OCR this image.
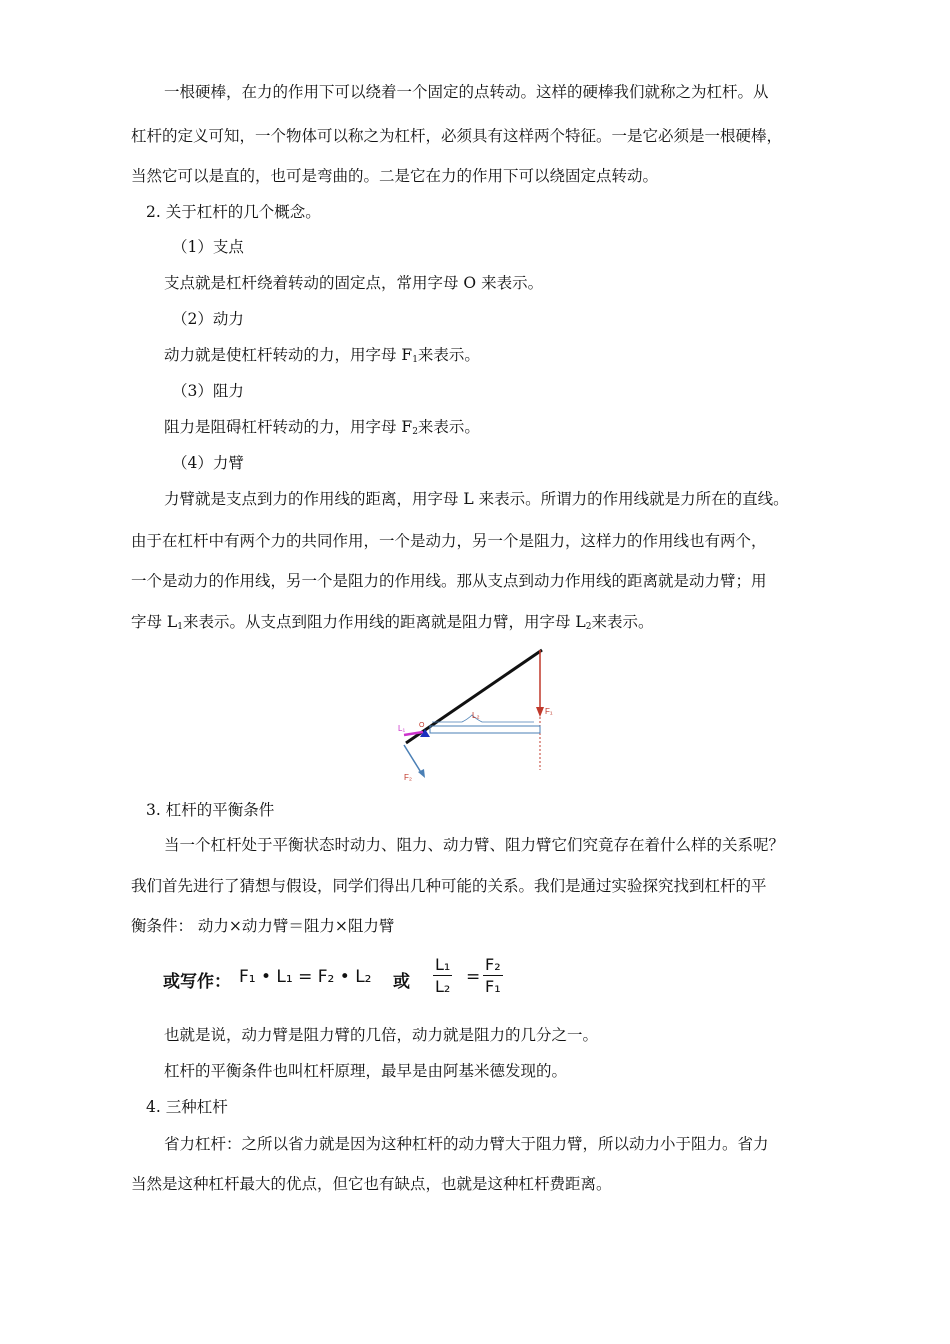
一根硬棒，在力的作用下可以绕着一个固定的点转动。这样的硬棒我们就称之为杠杆。从
杠杆的定义可知，一个物体可以称之为杠杆，必须具有这样两个特征。一是它必须是一根硬棒，
当然它可以是直的，也可是弯曲的。二是它在力的作用下可以绕固定点转动。
2. 关于杠杆的几个概念。
（1）支点
支点就是杠杆绕着转动的固定点，常用字母 O 来表示。
（2）动力
动力就是使杠杆转动的力，用字母 $F_1$来表示。
（3）阻力
阻力是阻碍杠杆转动的力，用字母 $F_2$来表示。
（4）力臂
力臂就是支点到力的作用线的距离，用字母 L 来表示。所谓力的作用线就是力所在的直线。
由于在杠杆中有两个力的共同作用，一个是动力，另一个是阻力，这样力的作用线也有两个，
一个是动力的作用线，另一个是阻力的作用线。那从支点到动力作用线的距离就是动力臂；用
字母 $L_1$来表示。从支点到阻力作用线的距离就是阻力臂，用字母 $L_2$来表示。
L₁ O
L₂	F₁
F₂
3. 杠杆的平衡条件
当一个杠杆处于平衡状态时动力、阻力、动力臂、阻力臂它们究竟存在着什么样的关系呢？
我们首先进行了猜想与假设，同学们得出几种可能的关系。我们是通过实验探究找到杠杆的平
衡条件： 动力×动力臂＝阻力×阻力臂
或写作： F₁ • L₁ = F₂ • L₂ 或 $\frac{\text{L₁}}{\text{L₂}} = \frac{\text{F₂}}{\text{F₁}}$
也就是说，动力臂是阻力臂的几倍，动力就是阻力的几分之一。
杠杆的平衡条件也叫杠杆原理，最早是由阿基米德发现的。
4. 三种杠杆
省力杠杆：之所以省力就是因为这种杠杆的动力臂大于阻力臂，所以动力小于阻力。省力
当然是这种杠杆最大的优点，但它也有缺点，也就是这种杠杆费距离。
